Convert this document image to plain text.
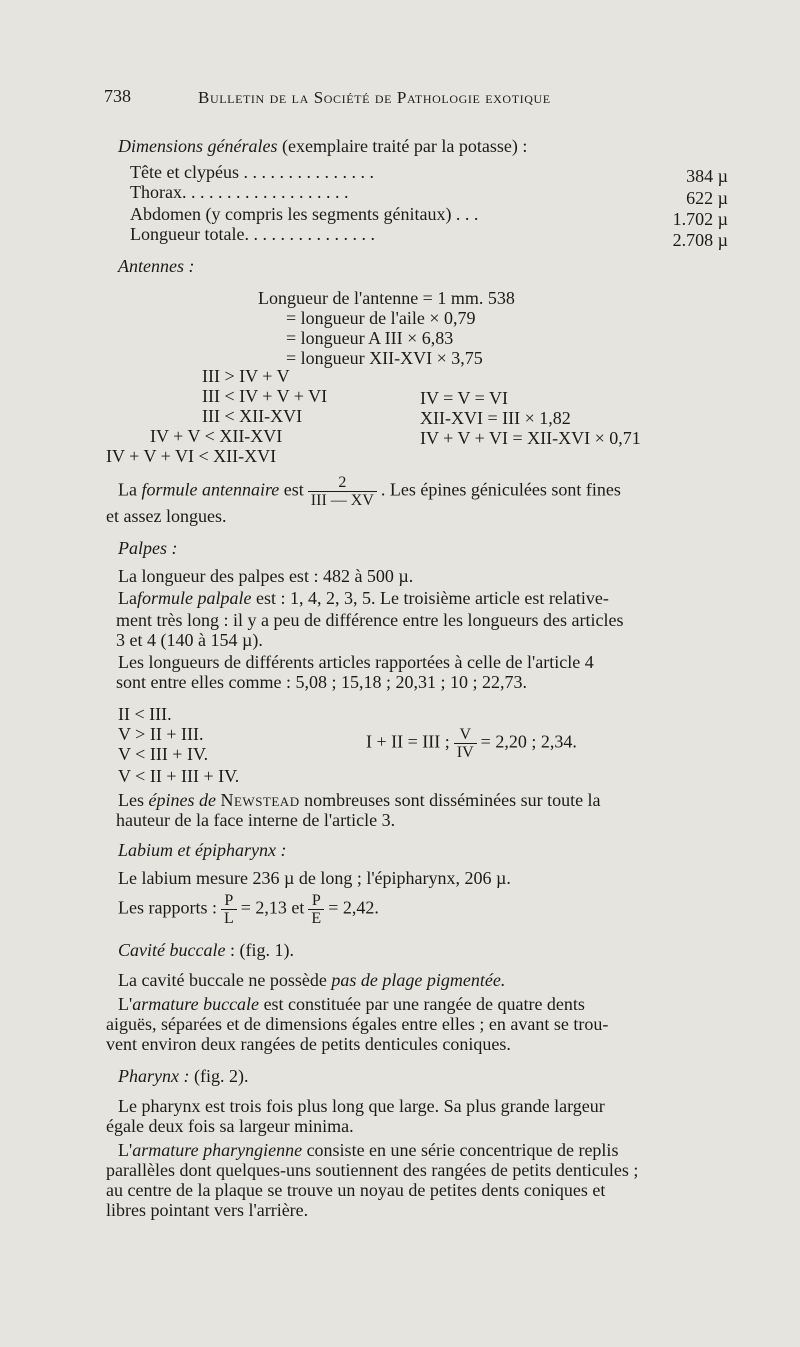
738	Bulletin de la Société de Pathologie exotique
Dimensions générales (exemplaire traité par la potasse) :
Tête et clypéus . . . . . . . . . . . . . . .	384 µ
Thorax. . . . . . . . . . . . . . . . . . .	622 µ
Abdomen (y compris les segments génitaux) . . .	1.702 µ
Longueur totale. . . . . . . . . . . . . . .	2.708 µ
Antennes :
Longueur de l'antenne = 1 mm. 538
= longueur de l'aile × 0,79
= longueur A III × 6,83
= longueur XII-XVI × 3,75
III > IV + V
III < IV + V + VI
III < XII-XVI
IV + V < XII-XVI
IV + V + VI < XII-XVI
IV = V = VI
XII-XVI = III × 1,82
IV + V + VI = XII-XVI × 0,71
La formule antennaire est $\frac{2}{\text{III — XV}}$ . Les épines géniculées sont fines
et assez longues.
Palpes :
La longueur des palpes est : 482 à 500 µ.
Laformule palpale est : 1, 4, 2, 3, 5. Le troisième article est relative-
ment très long : il y a peu de différence entre les longueurs des articles
3 et 4 (140 à 154 µ).
Les longueurs de différents articles rapportées à celle de l'article 4
sont entre elles comme : 5,08 ; 15,18 ; 20,31 ; 10 ; 22,73.
II < III.
V > II + III.
V < III + IV.
V < II + III + IV.
I + II = III ; $\frac{V}{IV} = 2,20$ ; 2,34.
Les épines de Newstead nombreuses sont disséminées sur toute la
hauteur de la face interne de l'article 3.
Labium et épipharynx :
Le labium mesure 236 µ de long ; l'épipharynx, 206 µ.
Les rapports : $\frac{P}{L} = 2,13$ et $\frac{P}{E} = 2,42$.
Cavité buccale : (fig. 1).
La cavité buccale ne possède pas de plage pigmentée.
L'armature buccale est constituée par une rangée de quatre dents
aiguës, séparées et de dimensions égales entre elles ; en avant se trou-
vent environ deux rangées de petits denticules coniques.
Pharynx : (fig. 2).
Le pharynx est trois fois plus long que large. Sa plus grande largeur
égale deux fois sa largeur minima.
L'armature pharyngienne consiste en une série concentrique de replis
parallèles dont quelques-uns soutiennent des rangées de petits denticules ;
au centre de la plaque se trouve un noyau de petites dents coniques et
libres pointant vers l'arrière.
